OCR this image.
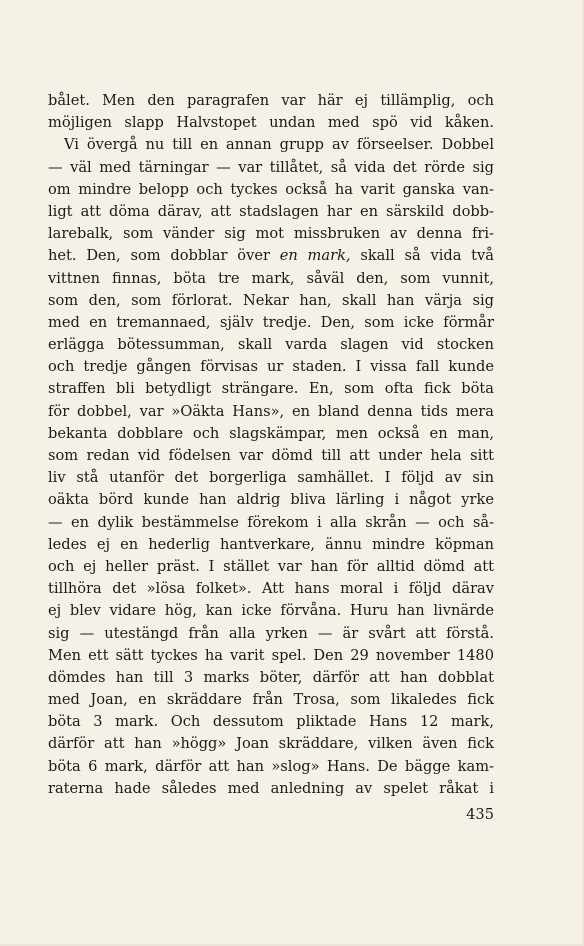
bålet. Men den paragrafen var här ej tillämplig, och
möjligen slapp Halvstopet undan med spö vid kåken.
Vi övergå nu till en annan grupp av förseelser. Dobbel
— väl med tärningar — var tillåtet, så vida det rörde sig
om mindre belopp och tyckes också ha varit ganska van-
ligt att döma därav, att stadslagen har en särskild dobb-
larebalk, som vänder sig mot missbruken av denna fri-
het. Den, som dobblar över en mark, skall så vida två
vittnen finnas, böta tre mark, såväl den, som vunnit,
som den, som förlorat. Nekar han, skall han värja sig
med en tremannaed, själv tredje. Den, som icke förmår
erlägga bötessumman, skall varda slagen vid stocken
och tredje gången förvisas ur staden. I vissa fall kunde
straffen bli betydligt strängare. En, som ofta fick böta
för dobbel, var »Oäkta Hans», en bland denna tids mera
bekanta dobblare och slagskämpar, men också en man,
som redan vid födelsen var dömd till att under hela sitt
liv stå utanför det borgerliga samhället. I följd av sin
oäkta börd kunde han aldrig bliva lärling i något yrke
— en dylik bestämmelse förekom i alla skrån — och så-
ledes ej en hederlig hantverkare, ännu mindre köpman
och ej heller präst. I stället var han för alltid dömd att
tillhöra det »lösa folket». Att hans moral i följd därav
ej blev vidare hög, kan icke förvåna. Huru han livnärde
sig — utestängd från alla yrken — är svårt att förstå.
Men ett sätt tyckes ha varit spel. Den 29 november 1480
dömdes han till 3 marks böter, därför att han dobblat
med Joan, en skräddare från Trosa, som likaledes fick
böta 3 mark. Och dessutom pliktade Hans 12 mark,
därför att han »högg» Joan skräddare, vilken även fick
böta 6 mark, därför att han »slog» Hans. De bägge kam-
raterna hade således med anledning av spelet råkat i
435
